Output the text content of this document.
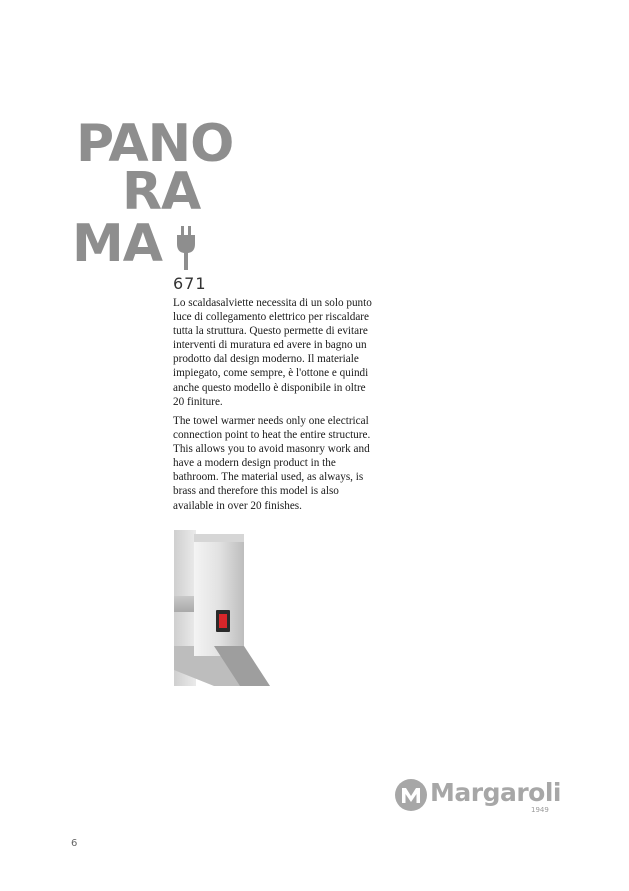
PANO
RA
MA
671

Lo scaldasalviette necessita di un solo punto luce di collegamento elettrico per riscaldare tutta la struttura. Questo permette di evitare interventi di muratura ed avere in bagno un prodotto dal design moderno. Il materiale impiegato, come sempre, è l'ottone e quindi anche questo modello è disponibile in oltre 20 finiture.

The towel warmer needs only one electrical connection point to heat the entire structure. This allows you to avoid masonry work and have a modern design product in the bathroom. The material used, as always, is brass and therefore this model is also available in over 20 finishes.

Margaroli
1949
6
